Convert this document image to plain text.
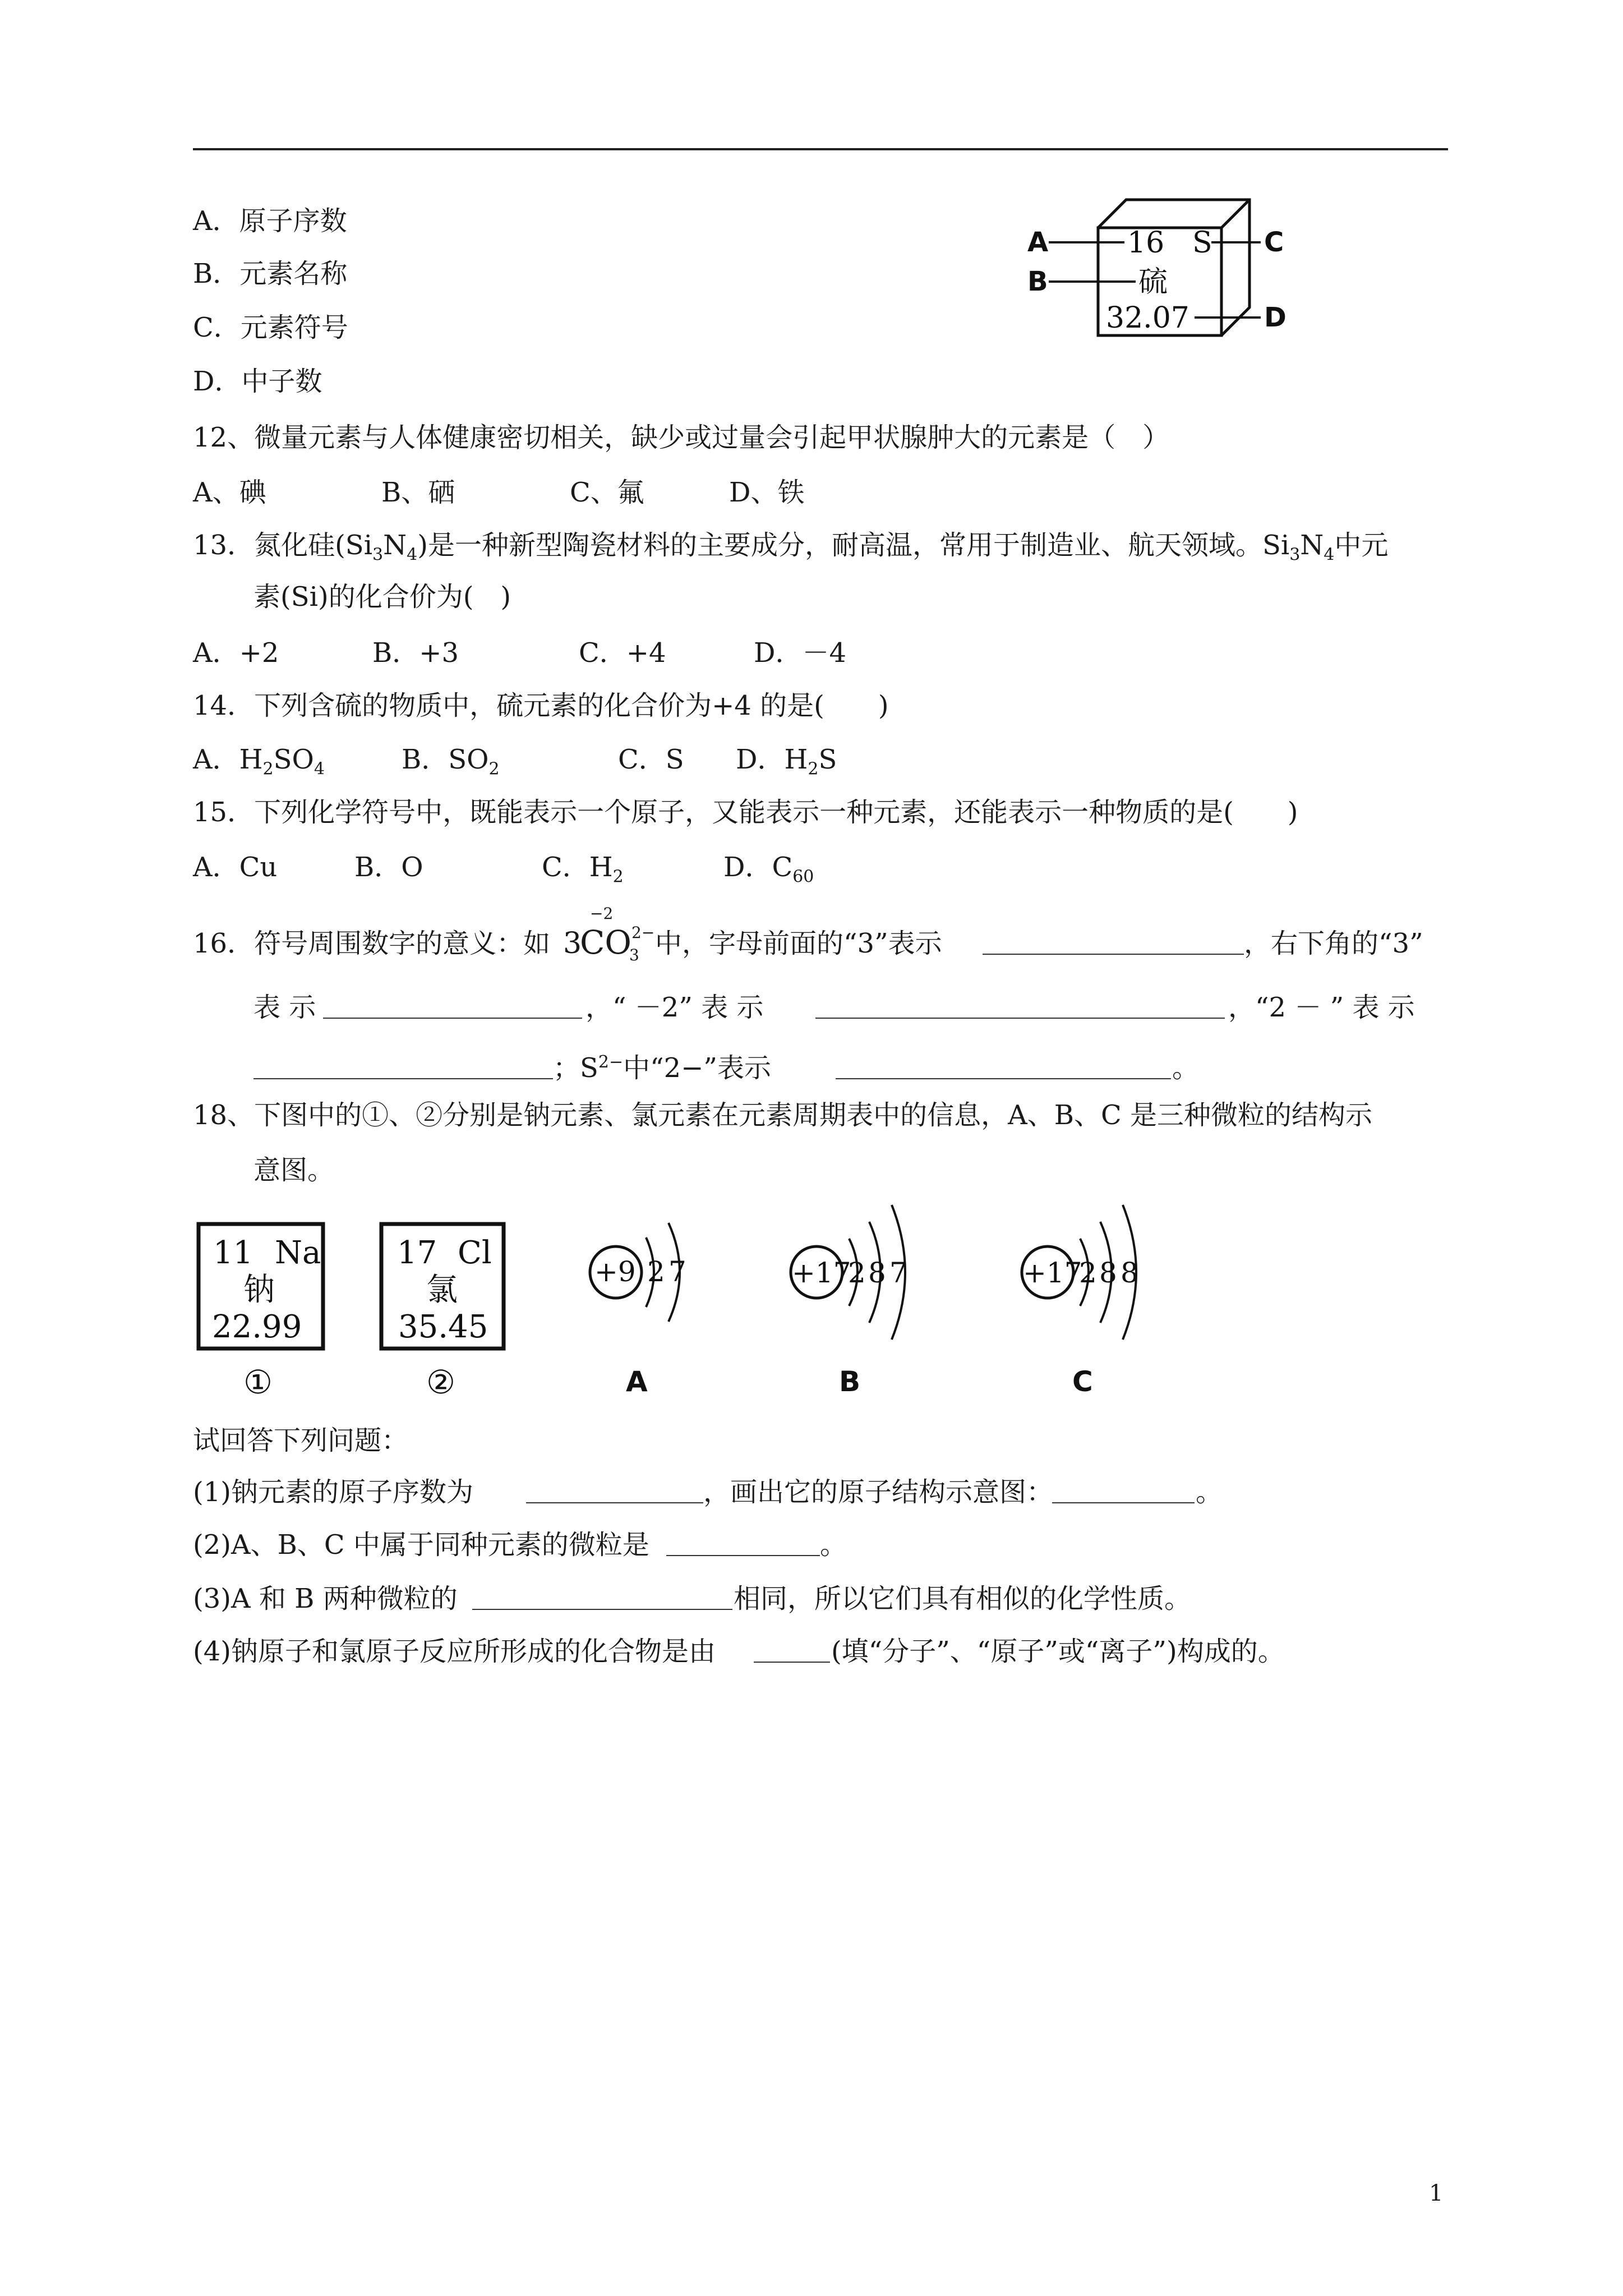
A．原子序数
B．元素名称
C．元素符号
D．中子数
A
B
C
D
16 S
硫
32.07
12、微量元素与人体健康密切相关，缺少或过量会引起甲状腺肿大的元素是（　）
A、碘	B、硒	C、氟	D、铁
13．氮化硅$(Si_3N_4)$是一种新型陶瓷材料的主要成分，耐高温，常用于制造业、航天领域。$Si_3N_4$中元
素(Si)的化合价为(　)
A．+2	B．+3	C．+4	D．－4
14．下列含硫的物质中，硫元素的化合价为+4 的是(　　)
A．$H_2SO_4$	B．$SO_2$	C．S D．$H_2S$
15．下列化学符号中，既能表示一个原子，又能表示一种元素，还能表示一种物质的是(　　)
A．Cu	B．O	C．$H_2$	D．$C_{60}$
16．符号周围数字的意义：如 3
CO
−2
3
2− 中，字母前面的“3”表示	，右下角的“3”
表 示	，“ －2” 表 示	，“2 － ” 表 示
；$S^{2-}$中“2−”表示	。
18、下图中的①、②分别是钠元素、氯元素在元素周期表中的信息，A、B、C 是三种微粒的结构示
意图。
11 Na
钠
22.99
①
17 Cl
氯
35.45
②
+9 2 7
A
+17
2 8 7
B
+17
2 8 8
C
试回答下列问题：
(1)钠元素的原子序数为	，画出它的原子结构示意图：	。
(2)A、B、C 中属于同种元素的微粒是	。
(3)A 和 B 两种微粒的	相同，所以它们具有相似的化学性质。
(4)钠原子和氯原子反应所形成的化合物是由	(填“分子”、“原子”或“离子”)构成的。
1
